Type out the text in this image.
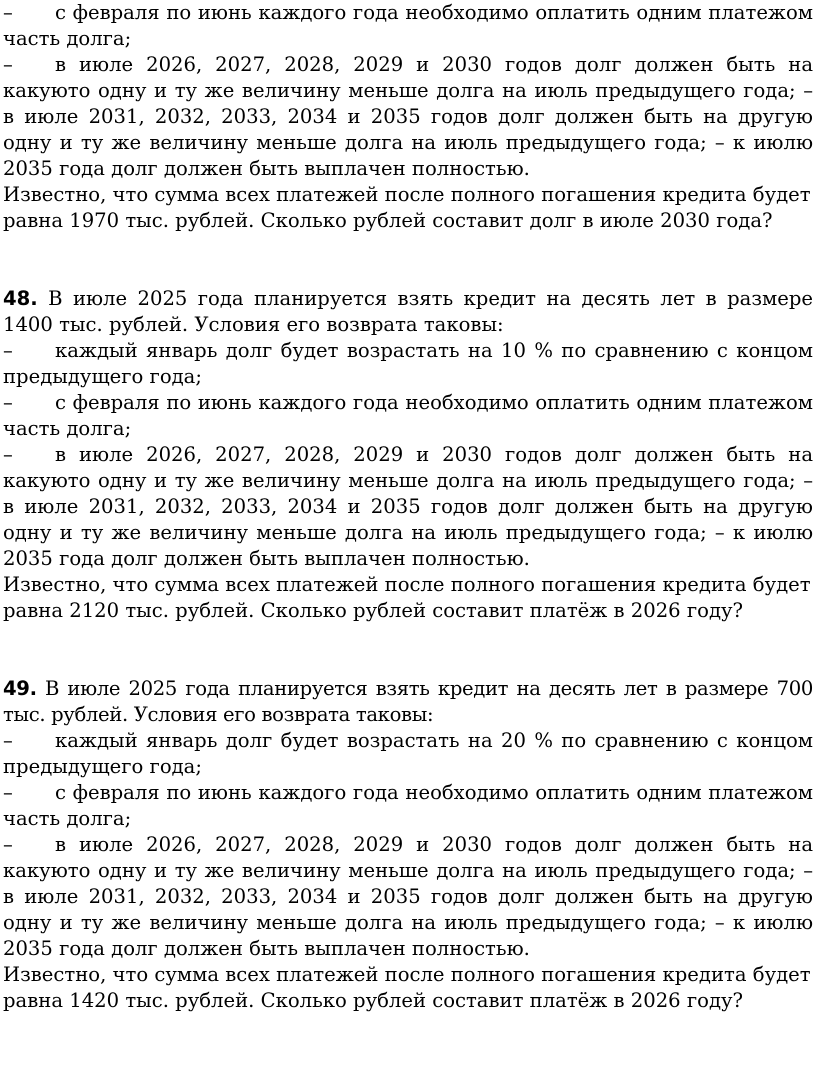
– с февраля по июнь каждого года необходимо оплатить одним платежом часть долга;

– в июле 2026, 2027, 2028, 2029 и 2030 годов долг должен быть на какуюто одну и ту же величину меньше долга на июль предыдущего года; – в июле 2031, 2032, 2033, 2034 и 2035 годов долг должен быть на другую одну и ту же величину меньше долга на июль предыдущего года; – к июлю 2035 года долг должен быть выплачен полностью.

Известно, что сумма всех платежей после полного погашения кредита будет равна 1970 тыс. рублей. Сколько рублей составит долг в июле 2030 года?

48. В июле 2025 года планируется взять кредит на десять лет в размере 1400 тыс. рублей. Условия его возврата таковы:

– каждый январь долг будет возрастать на 10 % по сравнению с концом предыдущего года;

– с февраля по июнь каждого года необходимо оплатить одним платежом часть долга;

– в июле 2026, 2027, 2028, 2029 и 2030 годов долг должен быть на какуюто одну и ту же величину меньше долга на июль предыдущего года; – в июле 2031, 2032, 2033, 2034 и 2035 годов долг должен быть на другую одну и ту же величину меньше долга на июль предыдущего года; – к июлю 2035 года долг должен быть выплачен полностью.

Известно, что сумма всех платежей после полного погашения кредита будет равна 2120 тыс. рублей. Сколько рублей составит платёж в 2026 году?

49. В июле 2025 года планируется взять кредит на десять лет в размере 700 тыс. рублей. Условия его возврата таковы:

– каждый январь долг будет возрастать на 20 % по сравнению с концом предыдущего года;

– с февраля по июнь каждого года необходимо оплатить одним платежом часть долга;

– в июле 2026, 2027, 2028, 2029 и 2030 годов долг должен быть на какуюто одну и ту же величину меньше долга на июль предыдущего года; – в июле 2031, 2032, 2033, 2034 и 2035 годов долг должен быть на другую одну и ту же величину меньше долга на июль предыдущего года; – к июлю 2035 года долг должен быть выплачен полностью.

Известно, что сумма всех платежей после полного погашения кредита будет равна 1420 тыс. рублей. Сколько рублей составит платёж в 2026 году?
